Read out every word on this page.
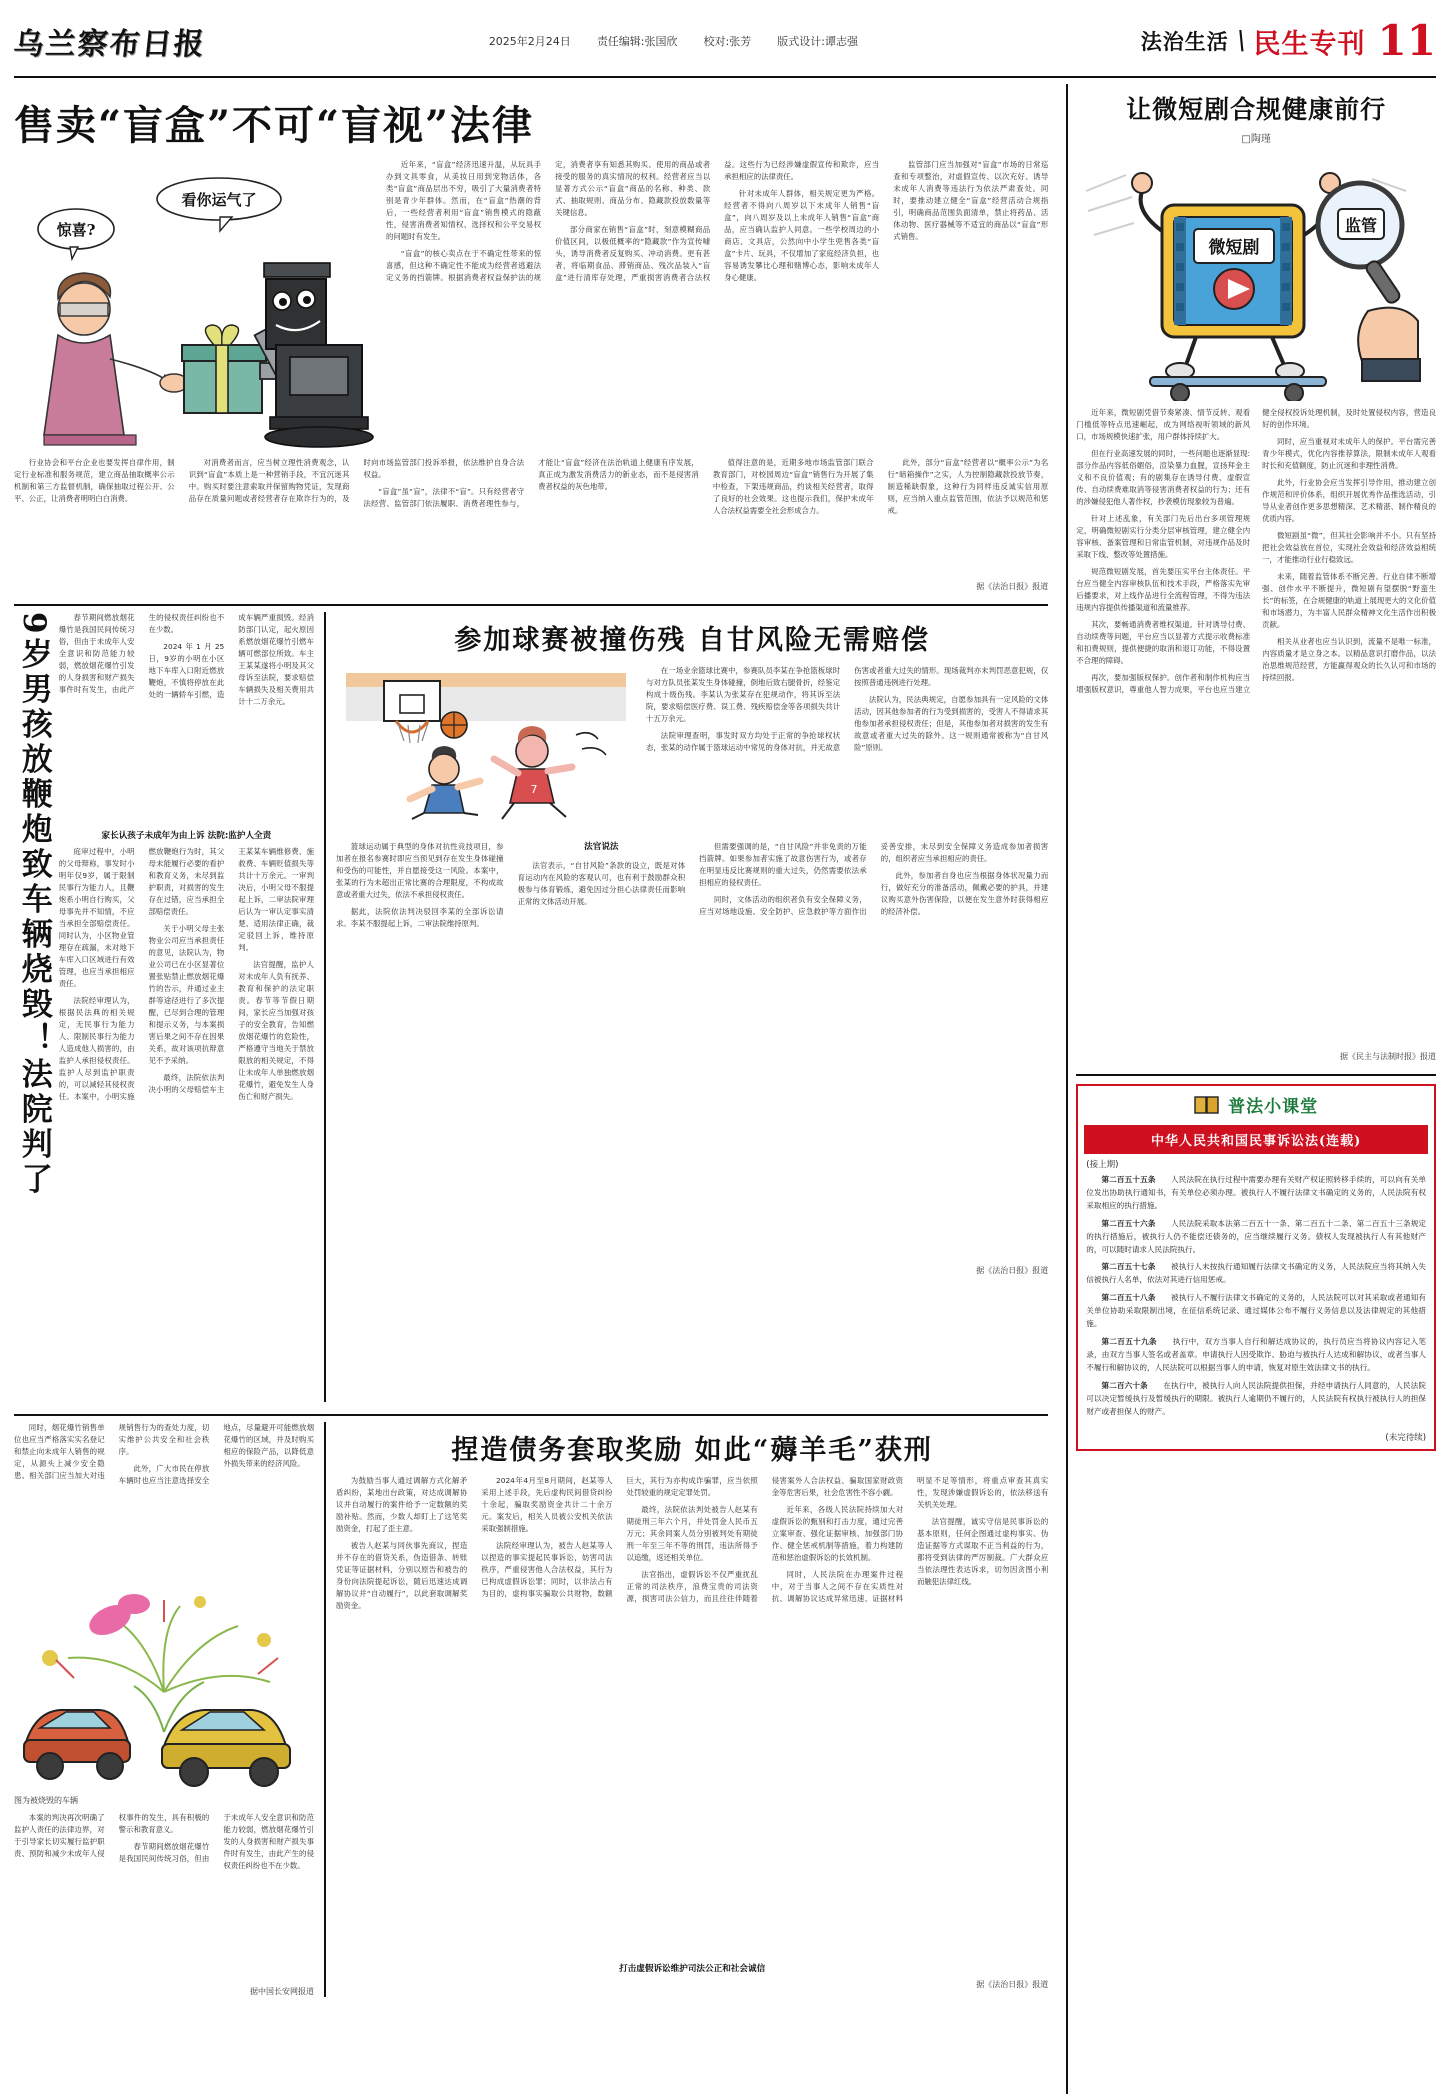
乌兰察布日报	2025年2月24日 责任编辑:张国欣 校对:张芳 版式设计:谭志强	法治生活 \ 民生专刊 11
售卖“盲盒”不可“盲视”法律
惊喜?
看你运气了

近年来，“盲盒”经济迅速升温，从玩具手办到文具零食，从美妆日用到宠物活体，各类“盲盒”商品层出不穷，吸引了大量消费者特别是青少年群体。然而，在“盲盒”热潮的背后，一些经营者利用“盲盒”销售模式的隐蔽性，侵害消费者知情权、选择权和公平交易权的问题时有发生。

“盲盒”的核心卖点在于不确定性带来的惊喜感，但这种不确定性不能成为经营者逃避法定义务的挡箭牌。根据消费者权益保护法的规定，消费者享有知悉其购买、使用的商品或者接受的服务的真实情况的权利。经营者应当以显著方式公示“盲盒”商品的名称、种类、款式、抽取规则、商品分布、隐藏款投放数量等关键信息。

部分商家在销售“盲盒”时，刻意模糊商品价值区间，以极低概率的“隐藏款”作为宣传噱头，诱导消费者反复购买、冲动消费。更有甚者，将临期食品、滞销商品、残次品装入“盲盒”进行清库存处理，严重损害消费者合法权益。这些行为已经涉嫌虚假宣传和欺诈，应当承担相应的法律责任。

针对未成年人群体，相关规定更为严格。经营者不得向八周岁以下未成年人销售“盲盒”，向八周岁及以上未成年人销售“盲盒”商品，应当确认监护人同意。一些学校周边的小商店、文具店，公然向中小学生兜售各类“盲盒”卡片、玩具，不仅增加了家庭经济负担，也容易诱发攀比心理和赌博心态，影响未成年人身心健康。

监管部门应当加强对“盲盒”市场的日常巡查和专项整治，对虚假宣传、以次充好、诱导未成年人消费等违法行为依法严肃查处。同时，要推动建立健全“盲盒”经营活动合规指引，明确商品范围负面清单，禁止将药品、活体动物、医疗器械等不适宜的商品以“盲盒”形式销售。

行业协会和平台企业也要发挥自律作用，制定行业标准和服务规范，建立商品抽取概率公示机制和第三方监督机制，确保抽取过程公开、公平、公正，让消费者明明白白消费。

对消费者而言，应当树立理性消费观念，认识到“盲盒”本质上是一种营销手段，不宜沉迷其中。购买时要注意索取并保留购物凭证，发现商品存在质量问题或者经营者存在欺诈行为的，及时向市场监管部门投诉举报，依法维护自身合法权益。

“盲盒”虽“盲”，法律不“盲”。只有经营者守法经营、监管部门依法履职、消费者理性参与，才能让“盲盒”经济在法治轨道上健康有序发展，真正成为激发消费活力的新业态，而不是侵害消费者权益的灰色地带。

值得注意的是，近期多地市场监管部门联合教育部门，对校园周边“盲盒”销售行为开展了集中检查，下架违规商品，约谈相关经营者，取得了良好的社会效果。这也提示我们，保护未成年人合法权益需要全社会形成合力。

此外，部分“盲盒”经营者以“概率公示”为名行“暗箱操作”之实，人为控制隐藏款投放节奏，制造稀缺假象，这种行为同样违反诚实信用原则，应当纳入重点监管范围，依法予以规范和惩戒。

据《法治日报》报道
9岁男孩放鞭炮致车辆烧毁！法院判了	春节期间燃放烟花爆竹是我国民间传统习俗，但由于未成年人安全意识和防范能力较弱，燃放烟花爆竹引发的人身损害和财产损失事件时有发生，由此产生的侵权责任纠纷也不在少数。

2024年1月25日，9岁的小明在小区地下车库入口附近燃放鞭炮，不慎将停放在此处的一辆轿车引燃，造成车辆严重损毁。经消防部门认定，起火原因系燃放烟花爆竹引燃车辆可燃部位所致。车主王某某遂将小明及其父母诉至法院，要求赔偿车辆损失及相关费用共计十二万余元。

家长认孩子未成年为由上诉 法院:监护人全责

庭审过程中，小明的父母辩称，事发时小明年仅9岁，属于限制民事行为能力人，且鞭炮系小明自行购买，父母事先并不知情，不应当承担全部赔偿责任。同时认为，小区物业管理存在疏漏，未对地下车库入口区域进行有效管理，也应当承担相应责任。

法院经审理认为，根据民法典的相关规定，无民事行为能力人、限制民事行为能力人造成他人损害的，由监护人承担侵权责任。监护人尽到监护职责的，可以减轻其侵权责任。本案中，小明实施燃放鞭炮行为时，其父母未能履行必要的看护和教育义务，未尽到监护职责，对损害的发生存在过错，应当承担全部赔偿责任。

关于小明父母主张物业公司应当承担责任的意见，法院认为，物业公司已在小区显著位置张贴禁止燃放烟花爆竹的告示，并通过业主群等途径进行了多次提醒，已尽到合理的管理和提示义务，与本案损害后果之间不存在因果关系，故对该项抗辩意见不予采纳。

最终，法院依法判决小明的父母赔偿车主王某某车辆维修费、施救费、车辆贬值损失等共计十万余元。一审判决后，小明父母不服提起上诉，二审法院审理后认为一审认定事实清楚、适用法律正确，裁定驳回上诉，维持原判。

法官提醒，监护人对未成年人负有抚养、教育和保护的法定职责。春节等节假日期间，家长应当加强对孩子的安全教育，告知燃放烟花爆竹的危险性，严格遵守当地关于禁放限放的相关规定，不得让未成年人单独燃放烟花爆竹，避免发生人身伤亡和财产损失。

参加球赛被撞伤残 自甘风险无需赔偿
7

在一场业余篮球比赛中，参赛队员李某在争抢篮板球时与对方队员张某发生身体碰撞，倒地后致右腿骨折，经鉴定构成十级伤残。李某认为张某存在犯规动作，将其诉至法院，要求赔偿医疗费、误工费、残疾赔偿金等各项损失共计十五万余元。

法院审理查明，事发时双方均处于正常的争抢球权状态，张某的动作属于篮球运动中常见的身体对抗，并无故意伤害或者重大过失的情形。现场裁判亦未判罚恶意犯规，仅按照普通违例进行处理。

法院认为，民法典规定，自愿参加具有一定风险的文体活动，因其他参加者的行为受到损害的，受害人不得请求其他参加者承担侵权责任；但是，其他参加者对损害的发生有故意或者重大过失的除外。这一规则通常被称为“自甘风险”原则。

篮球运动属于典型的身体对抗性竞技项目，参加者在报名参赛时即应当预见到存在发生身体碰撞和受伤的可能性，并自愿接受这一风险。本案中，张某的行为未超出正常比赛的合理限度，不构成故意或者重大过失，依法不承担侵权责任。

据此，法院依法判决驳回李某的全部诉讼请求。李某不服提起上诉，二审法院维持原判。

法官说法

法官表示，“自甘风险”条款的设立，既是对体育运动内在风险的客观认可，也有利于鼓励群众积极参与体育锻炼，避免因过分担心法律责任而影响正常的文体活动开展。

但需要强调的是，“自甘风险”并非免责的万能挡箭牌。如果参加者实施了故意伤害行为，或者存在明显违反比赛规则的重大过失，仍然需要依法承担相应的侵权责任。

同时，文体活动的组织者负有安全保障义务，应当对场地设施、安全防护、应急救护等方面作出妥善安排，未尽到安全保障义务造成参加者损害的，组织者应当承担相应的责任。

此外，参加者自身也应当根据身体状况量力而行，做好充分的准备活动，佩戴必要的护具，并建议购买意外伤害保险，以便在发生意外时获得相应的经济补偿。

据《法治日报》报道

同时，烟花爆竹销售单位也应当严格落实实名登记和禁止向未成年人销售的规定，从源头上减少安全隐患。相关部门应当加大对违规销售行为的查处力度，切实维护公共安全和社会秩序。

此外，广大市民在停放车辆时也应当注意选择安全地点，尽量避开可能燃放烟花爆竹的区域，并及时购买相应的保险产品，以降低意外损失带来的经济风险。

图为被烧毁的车辆

本案的判决再次明确了监护人责任的法律边界，对于引导家长切实履行监护职责、预防和减少未成年人侵权事件的发生，具有积极的警示和教育意义。

春节期间燃放烟花爆竹是我国民间传统习俗，但由于未成年人安全意识和防范能力较弱，燃放烟花爆竹引发的人身损害和财产损失事件时有发生，由此产生的侵权责任纠纷也不在少数。

据中国长安网报道
捏造债务套取奖励 如此“薅羊毛”获刑

为鼓励当事人通过调解方式化解矛盾纠纷，某地出台政策，对达成调解协议并自动履行的案件给予一定数额的奖励补贴。然而，少数人却盯上了这笔奖励资金，打起了歪主意。

被告人赵某与同伙事先商议，捏造并不存在的借贷关系，伪造借条、转账凭证等证据材料，分别以原告和被告的身份向法院提起诉讼，随后迅速达成调解协议并“自动履行”，以此套取调解奖励资金。

2024年4月至8月期间，赵某等人采用上述手段，先后虚构民间借贷纠纷十余起，骗取奖励资金共计二十余万元。案发后，相关人员被公安机关依法采取强制措施。

法院经审理认为，被告人赵某等人以捏造的事实提起民事诉讼，妨害司法秩序，严重侵害他人合法权益，其行为已构成虚假诉讼罪；同时，以非法占有为目的，虚构事实骗取公共财物，数额巨大，其行为亦构成诈骗罪，应当依照处罚较重的规定定罪处罚。

最终，法院依法判处被告人赵某有期徒刑三年六个月，并处罚金人民币五万元；其余同案人员分别被判处有期徒刑一年至三年不等的刑罚，违法所得予以追缴，返还相关单位。

法官指出，虚假诉讼不仅严重扰乱正常的司法秩序，浪费宝贵的司法资源，损害司法公信力，而且往往伴随着侵害案外人合法权益、骗取国家财政资金等危害后果，社会危害性不容小觑。

近年来，各级人民法院持续加大对虚假诉讼的甄别和打击力度，通过完善立案审查、强化证据审核、加强部门协作、健全惩戒机制等措施，着力构建防范和惩治虚假诉讼的长效机制。

同时，人民法院在办理案件过程中，对于当事人之间不存在实质性对抗、调解协议达成异常迅速、证据材料明显不足等情形，将重点审查其真实性，发现涉嫌虚假诉讼的，依法移送有关机关处理。

法官提醒，诚实守信是民事诉讼的基本原则，任何企图通过虚构事实、伪造证据等方式谋取不正当利益的行为，都将受到法律的严厉制裁。广大群众应当依法理性表达诉求，切勿因贪图小利而触犯法律红线。

打击虚假诉讼维护司法公正和社会诚信
据《法治日报》报道
让微短剧合规健康前行
□陶瑾
微短剧
监管

近年来，微短剧凭借节奏紧凑、情节反转、观看门槛低等特点迅速崛起，成为网络视听领域的新风口，市场规模快速扩张，用户群体持续扩大。

但在行业高速发展的同时，一些问题也逐渐显现:部分作品内容低俗媚俗，渲染暴力血腥，宣扬拜金主义和不良价值观；有的剧集存在诱导付费、虚假宣传、自动续费难取消等侵害消费者权益的行为；还有的涉嫌侵犯他人著作权，抄袭模仿现象较为普遍。

针对上述乱象，有关部门先后出台多项管理规定，明确微短剧实行分类分层审核管理，建立健全内容审核、备案管理和日常监管机制，对违规作品及时采取下线、整改等处置措施。

规范微短剧发展，首先要压实平台主体责任。平台应当健全内容审核队伍和技术手段，严格落实先审后播要求，对上线作品进行全流程管理，不得为违法违规内容提供传播渠道和流量推荐。

其次，要畅通消费者维权渠道。针对诱导付费、自动续费等问题，平台应当以显著方式提示收费标准和扣费规则，提供便捷的取消和退订功能，不得设置不合理的障碍。

再次，要加强版权保护。创作者和制作机构应当增强版权意识，尊重他人智力成果，平台也应当建立健全侵权投诉处理机制，及时处置侵权内容，营造良好的创作环境。

同时，应当重视对未成年人的保护。平台需完善青少年模式，优化内容推荐算法，限制未成年人观看时长和充值额度，防止沉迷和非理性消费。

此外，行业协会应当发挥引导作用，推动建立创作规范和评价体系，组织开展优秀作品推选活动，引导从业者创作更多思想精深、艺术精湛、制作精良的优质内容。

微短剧虽“微”，但其社会影响并不小。只有坚持把社会效益放在首位，实现社会效益和经济效益相统一，才能推动行业行稳致远。

未来，随着监管体系不断完善、行业自律不断增强、创作水平不断提升，微短剧有望摆脱“野蛮生长”的标签，在合规健康的轨道上展现更大的文化价值和市场潜力，为丰富人民群众精神文化生活作出积极贡献。

相关从业者也应当认识到，流量不是唯一标准，内容质量才是立身之本。以精品意识打磨作品，以法治思维规范经营，方能赢得观众的长久认可和市场的持续回报。

据《民主与法制时报》报道
普法小课堂
中华人民共和国民事诉讼法(连载)
(接上期)

第二百五十五条　　人民法院在执行过程中需要办理有关财产权证照转移手续的，可以向有关单位发出协助执行通知书，有关单位必须办理。被执行人不履行法律文书确定的义务的，人民法院有权采取相应的执行措施。

第二百五十六条　　人民法院采取本法第二百五十一条、第二百五十二条、第二百五十三条规定的执行措施后，被执行人仍不能偿还债务的，应当继续履行义务。债权人发现被执行人有其他财产的，可以随时请求人民法院执行。

第二百五十七条　　被执行人未按执行通知履行法律文书确定的义务，人民法院应当将其纳入失信被执行人名单，依法对其进行信用惩戒。

第二百五十八条　　被执行人不履行法律文书确定的义务的，人民法院可以对其采取或者通知有关单位协助采取限制出境，在征信系统记录、通过媒体公布不履行义务信息以及法律规定的其他措施。

第二百五十九条　　执行中，双方当事人自行和解达成协议的，执行员应当将协议内容记入笔录，由双方当事人签名或者盖章。申请执行人因受欺诈、胁迫与被执行人达成和解协议，或者当事人不履行和解协议的，人民法院可以根据当事人的申请，恢复对原生效法律文书的执行。

第二百六十条　　在执行中，被执行人向人民法院提供担保，并经申请执行人同意的，人民法院可以决定暂缓执行及暂缓执行的期限。被执行人逾期仍不履行的，人民法院有权执行被执行人的担保财产或者担保人的财产。

(未完待续)
